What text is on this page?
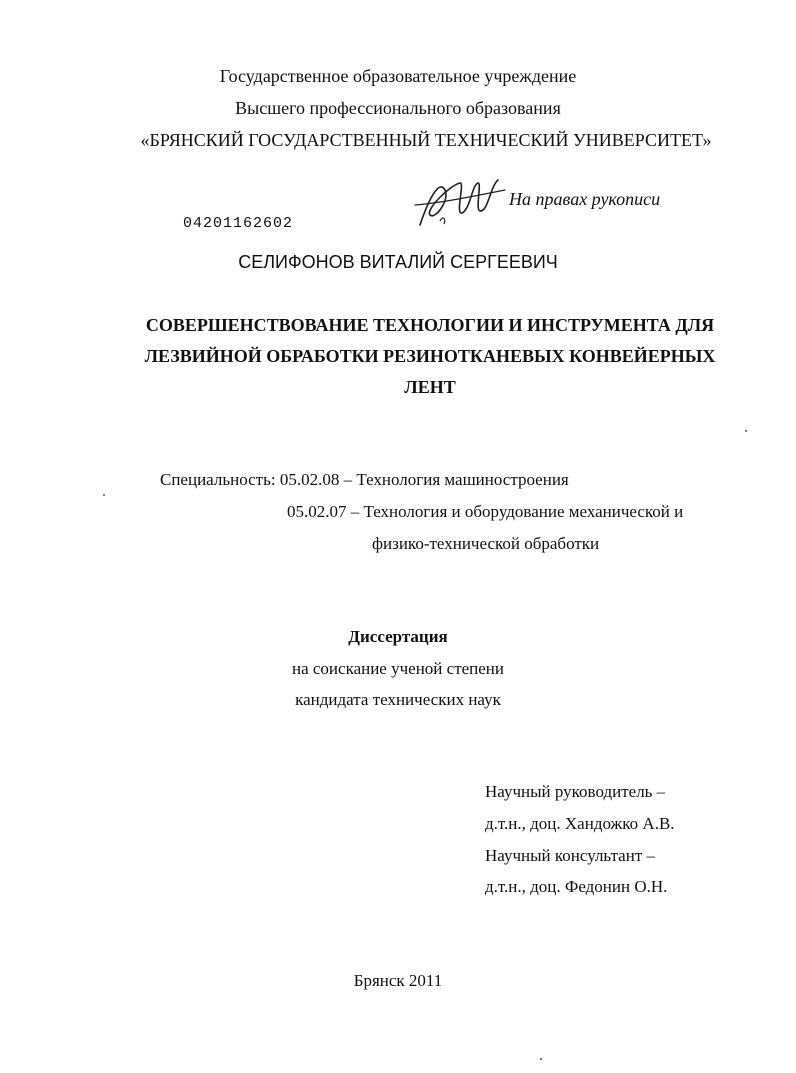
Государственное образовательное учреждение
Высшего профессионального образования
«БРЯНСКИЙ ГОСУДАРСТВЕННЫЙ ТЕХНИЧЕСКИЙ УНИВЕРСИТЕТ»
04201162602
На правах рукописи
СЕЛИФОНОВ ВИТАЛИЙ СЕРГЕЕВИЧ
СОВЕРШЕНСТВОВАНИЕ ТЕХНОЛОГИИ И ИНСТРУМЕНТА ДЛЯ
ЛЕЗВИЙНОЙ ОБРАБОТКИ РЕЗИНОТКАНЕВЫХ КОНВЕЙЕРНЫХ
ЛЕНТ
Специальность: 05.02.08 – Технология машиностроения
05.02.07 – Технология и оборудование механической и
физико-технической обработки
Диссертация
на соискание ученой степени
кандидата технических наук
Научный руководитель –
д.т.н., доц. Хандожко А.В.
Научный консультант –
д.т.н., доц. Федонин О.Н.
Брянск 2011
